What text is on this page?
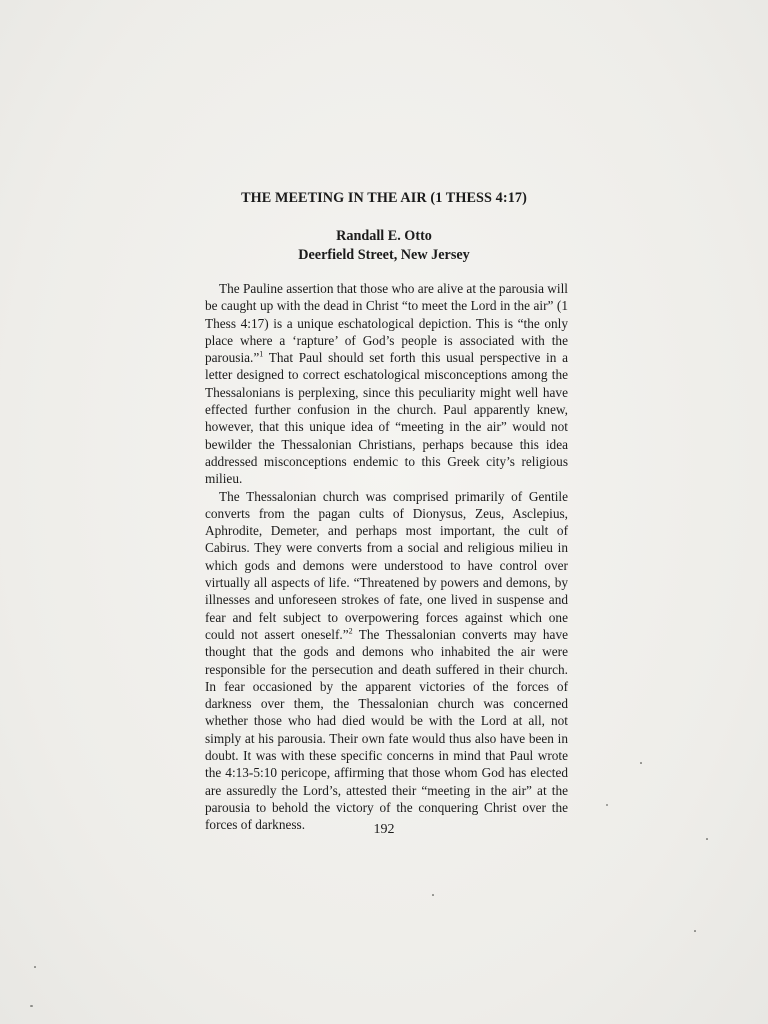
THE MEETING IN THE AIR (1 THESS 4:17)
Randall E. Otto
Deerfield Street, New Jersey

The Pauline assertion that those who are alive at the parousia will be caught up with the dead in Christ “to meet the Lord in the air” (1 Thess 4:17) is a unique eschatological depiction. This is “the only place where a ‘rapture’ of God’s people is associated with the parousia.”$^1$ That Paul should set forth this usual perspective in a letter designed to correct eschatological misconceptions among the Thessalonians is perplexing, since this peculiarity might well have effected further confusion in the church. Paul apparently knew, however, that this unique idea of “meeting in the air” would not bewilder the Thessalonian Christians, perhaps because this idea addressed misconceptions endemic to this Greek city’s religious milieu.

The Thessalonian church was comprised primarily of Gentile converts from the pagan cults of Dionysus, Zeus, Asclepius, Aphrodite, Demeter, and perhaps most important, the cult of Cabirus. They were converts from a social and religious milieu in which gods and demons were understood to have control over virtually all aspects of life. “Threatened by powers and demons, by illnesses and unforeseen strokes of fate, one lived in suspense and fear and felt subject to overpowering forces against which one could not assert oneself.”$^2$ The Thessalonian converts may have thought that the gods and demons who inhabited the air were responsible for the persecution and death suffered in their church. In fear occasioned by the apparent victories of the forces of darkness over them, the Thessalonian church was concerned whether those who had died would be with the Lord at all, not simply at his parousia. Their own fate would thus also have been in doubt. It was with these specific concerns in mind that Paul wrote the 4:13-5:10 pericope, affirming that those whom God has elected are assuredly the Lord’s, attested their “meeting in the air” at the parousia to behold the victory of the conquering Christ over the forces of darkness.	192
